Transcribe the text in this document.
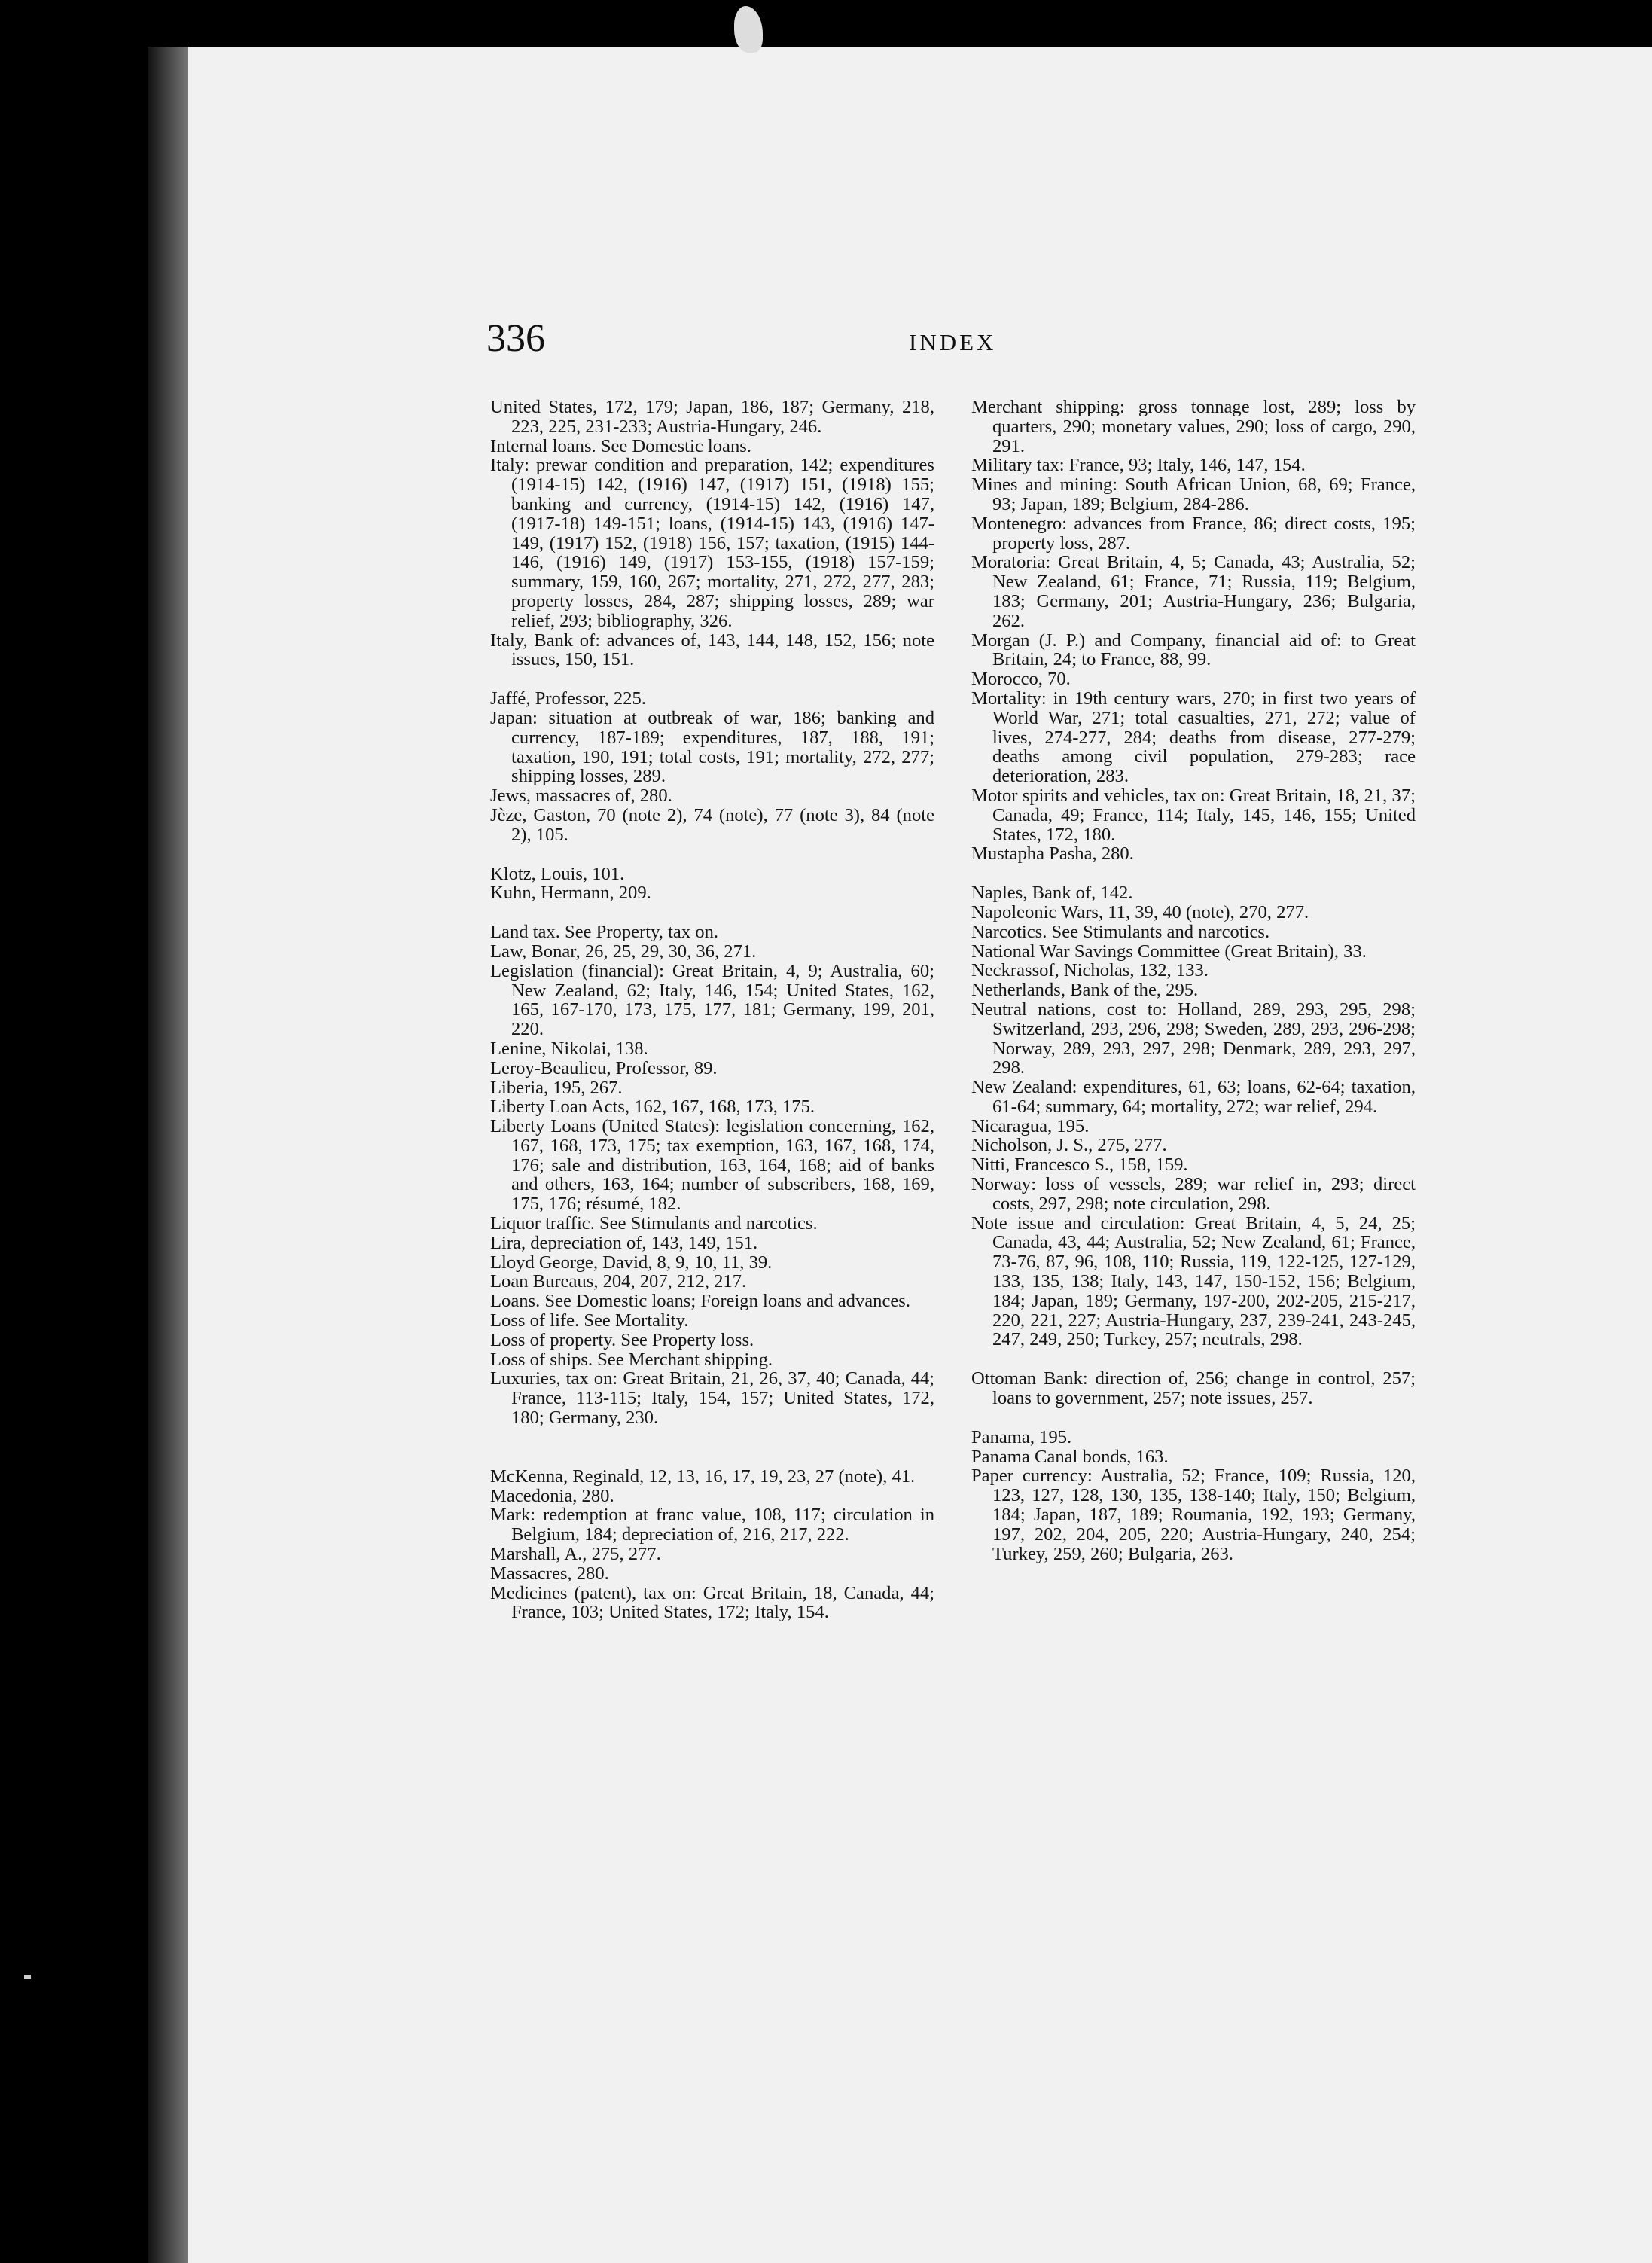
336	INDEX
United States, 172, 179; Japan, 186, 187; Germany, 218, 223, 225, 231-233; Austria-Hungary, 246.
Internal loans. See Domestic loans.
Italy: prewar condition and preparation, 142; expenditures (1914-15) 142, (1916) 147, (1917) 151, (1918) 155; banking and currency, (1914-15) 142, (1916) 147, (1917-18) 149-151; loans, (1914-15) 143, (1916) 147-149, (1917) 152, (1918) 156, 157; taxation, (1915) 144-146, (1916) 149, (1917) 153-155, (1918) 157-159; summary, 159, 160, 267; mortality, 271, 272, 277, 283; property losses, 284, 287; shipping losses, 289; war relief, 293; bibliography, 326.
Italy, Bank of: advances of, 143, 144, 148, 152, 156; note issues, 150, 151.
Jaffé, Professor, 225.
Japan: situation at outbreak of war, 186; banking and currency, 187-189; expenditures, 187, 188, 191; taxation, 190, 191; total costs, 191; mortality, 272, 277; shipping losses, 289.
Jews, massacres of, 280.
Jèze, Gaston, 70 (note 2), 74 (note), 77 (note 3), 84 (note 2), 105.
Klotz, Louis, 101.
Kuhn, Hermann, 209.
Land tax. See Property, tax on.
Law, Bonar, 26, 25, 29, 30, 36, 271.
Legislation (financial): Great Britain, 4, 9; Australia, 60; New Zealand, 62; Italy, 146, 154; United States, 162, 165, 167-170, 173, 175, 177, 181; Germany, 199, 201, 220.
Lenine, Nikolai, 138.
Leroy-Beaulieu, Professor, 89.
Liberia, 195, 267.
Liberty Loan Acts, 162, 167, 168, 173, 175.
Liberty Loans (United States): legislation concerning, 162, 167, 168, 173, 175; tax exemption, 163, 167, 168, 174, 176; sale and distribution, 163, 164, 168; aid of banks and others, 163, 164; number of subscribers, 168, 169, 175, 176; résumé, 182.
Liquor traffic. See Stimulants and narcotics.
Lira, depreciation of, 143, 149, 151.
Lloyd George, David, 8, 9, 10, 11, 39.
Loan Bureaus, 204, 207, 212, 217.
Loans. See Domestic loans; Foreign loans and advances.
Loss of life. See Mortality.
Loss of property. See Property loss.
Loss of ships. See Merchant shipping.
Luxuries, tax on: Great Britain, 21, 26, 37, 40; Canada, 44; France, 113-115; Italy, 154, 157; United States, 172, 180; Germany, 230.
McKenna, Reginald, 12, 13, 16, 17, 19, 23, 27 (note), 41.
Macedonia, 280.
Mark: redemption at franc value, 108, 117; circulation in Belgium, 184; depreciation of, 216, 217, 222.
Marshall, A., 275, 277.
Massacres, 280.
Medicines (patent), tax on: Great Britain, 18, Canada, 44; France, 103; United States, 172; Italy, 154.
Merchant shipping: gross tonnage lost, 289; loss by quarters, 290; monetary values, 290; loss of cargo, 290, 291.
Military tax: France, 93; Italy, 146, 147, 154.
Mines and mining: South African Union, 68, 69; France, 93; Japan, 189; Belgium, 284-286.
Montenegro: advances from France, 86; direct costs, 195; property loss, 287.
Moratoria: Great Britain, 4, 5; Canada, 43; Australia, 52; New Zealand, 61; France, 71; Russia, 119; Belgium, 183; Germany, 201; Austria-Hungary, 236; Bulgaria, 262.
Morgan (J. P.) and Company, financial aid of: to Great Britain, 24; to France, 88, 99.
Morocco, 70.
Mortality: in 19th century wars, 270; in first two years of World War, 271; total casualties, 271, 272; value of lives, 274-277, 284; deaths from disease, 277-279; deaths among civil population, 279-283; race deterioration, 283.
Motor spirits and vehicles, tax on: Great Britain, 18, 21, 37; Canada, 49; France, 114; Italy, 145, 146, 155; United States, 172, 180.
Mustapha Pasha, 280.
Naples, Bank of, 142.
Napoleonic Wars, 11, 39, 40 (note), 270, 277.
Narcotics. See Stimulants and narcotics.
National War Savings Committee (Great Britain), 33.
Neckrassof, Nicholas, 132, 133.
Netherlands, Bank of the, 295.
Neutral nations, cost to: Holland, 289, 293, 295, 298; Switzerland, 293, 296, 298; Sweden, 289, 293, 296-298; Norway, 289, 293, 297, 298; Denmark, 289, 293, 297, 298.
New Zealand: expenditures, 61, 63; loans, 62-64; taxation, 61-64; summary, 64; mortality, 272; war relief, 294.
Nicaragua, 195.
Nicholson, J. S., 275, 277.
Nitti, Francesco S., 158, 159.
Norway: loss of vessels, 289; war relief in, 293; direct costs, 297, 298; note circulation, 298.
Note issue and circulation: Great Britain, 4, 5, 24, 25; Canada, 43, 44; Australia, 52; New Zealand, 61; France, 73-76, 87, 96, 108, 110; Russia, 119, 122-125, 127-129, 133, 135, 138; Italy, 143, 147, 150-152, 156; Belgium, 184; Japan, 189; Germany, 197-200, 202-205, 215-217, 220, 221, 227; Austria-Hungary, 237, 239-241, 243-245, 247, 249, 250; Turkey, 257; neutrals, 298.
Ottoman Bank: direction of, 256; change in control, 257; loans to government, 257; note issues, 257.
Panama, 195.
Panama Canal bonds, 163.
Paper currency: Australia, 52; France, 109; Russia, 120, 123, 127, 128, 130, 135, 138-140; Italy, 150; Belgium, 184; Japan, 187, 189; Roumania, 192, 193; Germany, 197, 202, 204, 205, 220; Austria-Hungary, 240, 254; Turkey, 259, 260; Bulgaria, 263.
